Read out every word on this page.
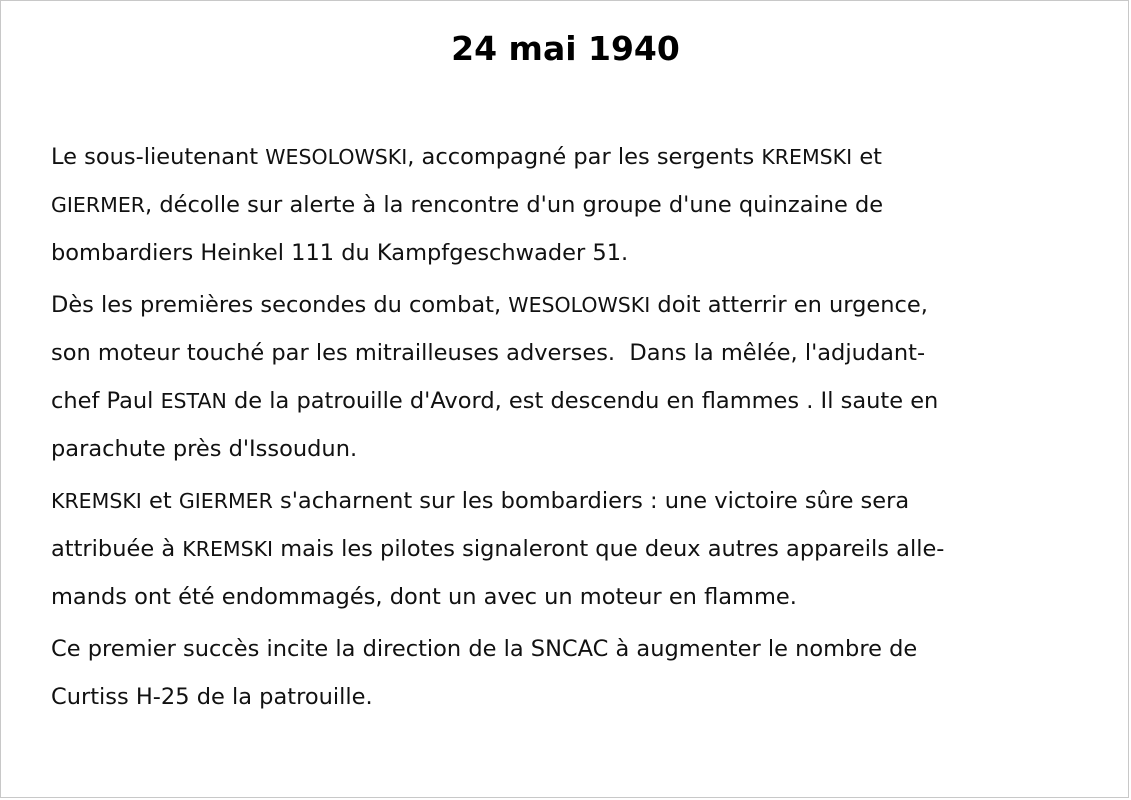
24 mai 1940

Le sous-lieutenant WESOLOWSKI, accompagné par les sergents KREMSKI et
GIERMER, décolle sur alerte à la rencontre d'un groupe d'une quinzaine de
bombardiers Heinkel 111 du Kampfgeschwader 51.

Dès les premières secondes du combat, WESOLOWSKI doit atterrir en urgence,
son moteur touché par les mitrailleuses adverses.  Dans la mêlée, l'adjudant-
chef Paul ESTAN de la patrouille d'Avord, est descendu en flammes . Il saute en
parachute près d'Issoudun.

KREMSKI et GIERMER s'acharnent sur les bombardiers : une victoire sûre sera
attribuée à KREMSKI mais les pilotes signaleront que deux autres appareils alle-
mands ont été endommagés, dont un avec un moteur en flamme.

Ce premier succès incite la direction de la SNCAC à augmenter le nombre de
Curtiss H-25 de la patrouille.
